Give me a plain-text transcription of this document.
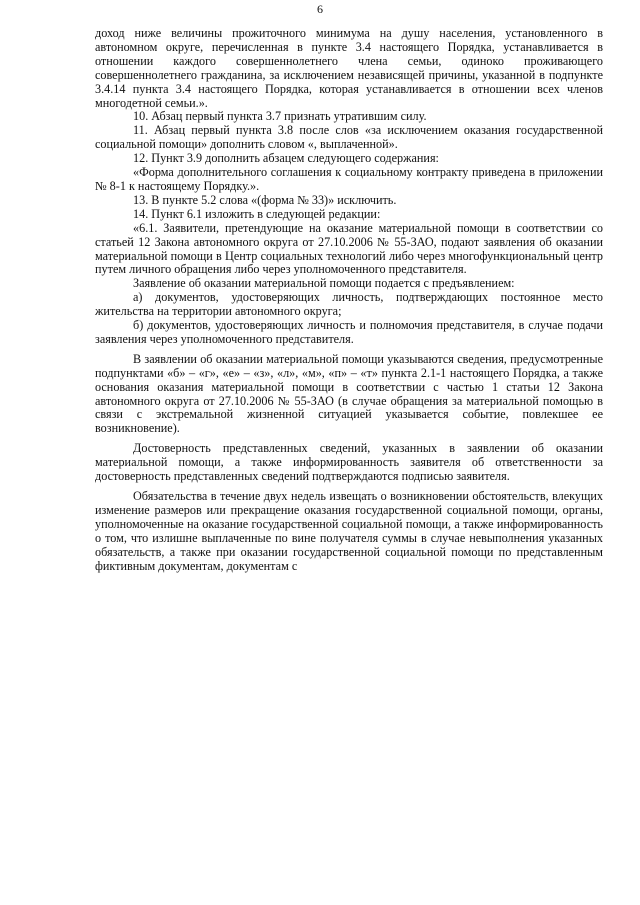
6

доход ниже величины прожиточного минимума на душу населения, установленного в автономном округе, перечисленная в пункте 3.4 настоящего Порядка, устанавливается в отношении каждого совершеннолетнего члена семьи, одиноко проживающего совершеннолетнего гражданина, за исключением независящей причины, указанной в подпункте 3.4.14 пункта 3.4 настоящего Порядка, которая устанавливается в отношении всех членов многодетной семьи.».

10. Абзац первый пункта 3.7 признать утратившим силу.

11. Абзац первый пункта 3.8 после слов «за исключением оказания государственной социальной помощи» дополнить словом «, выплаченной».

12. Пункт 3.9 дополнить абзацем следующего содержания:

«Форма дополнительного соглашения к социальному контракту приведена в приложении № 8-1 к настоящему Порядку.».

13. В пункте 5.2 слова «(форма № 33)» исключить.

14. Пункт 6.1 изложить в следующей редакции:

«6.1. Заявители, претендующие на оказание материальной помощи в соответствии со статьей 12 Закона автономного округа от 27.10.2006 № 55-ЗАО, подают заявления об оказании материальной помощи в Центр социальных технологий либо через многофункциональный центр путем личного обращения либо через уполномоченного представителя.

Заявление об оказании материальной помощи подается с предъявлением:

а) документов, удостоверяющих личность, подтверждающих постоянное место жительства на территории автономного округа;

б) документов, удостоверяющих личность и полномочия представителя, в случае подачи заявления через уполномоченного представителя.

В заявлении об оказании материальной помощи указываются сведения, предусмотренные подпунктами «б» – «г», «е» – «з», «л», «м», «п» – «т» пункта 2.1-1 настоящего Порядка, а также основания оказания материальной помощи в соответствии с частью 1 статьи 12 Закона автономного округа от 27.10.2006 № 55-ЗАО (в случае обращения за материальной помощью в связи с экстремальной жизненной ситуацией указывается событие, повлекшее ее возникновение).

Достоверность представленных сведений, указанных в заявлении об оказании материальной помощи, а также информированность заявителя об ответственности за достоверность представленных сведений подтверждаются подписью заявителя.

Обязательства в течение двух недель извещать о возникновении обстоятельств, влекущих изменение размеров или прекращение оказания государственной социальной помощи, органы, уполномоченные на оказание государственной социальной помощи, а также информированность о том, что излишне выплаченные по вине получателя суммы в случае невыполнения указанных обязательств, а также при оказании государственной социальной помощи по представленным фиктивным документам, документам с
